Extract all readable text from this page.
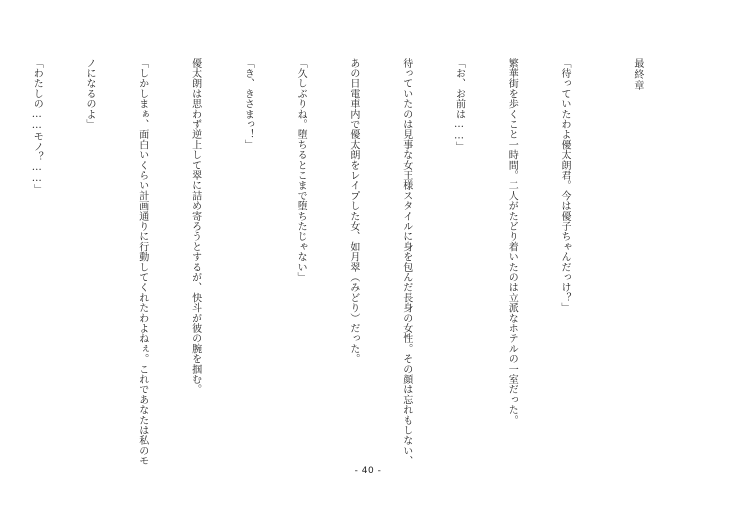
最終章

「待っていたわよ優太朗君。今は優子ちゃんだっけ？」

繁華街を歩くこと一時間。二人がたどり着いたのは立派なホテルの一室だった。

「お、お前は……」

待っていたのは見事な女王様スタイルに身を包んだ長身の女性。その顔は忘れもしない、

あの日電車内で優太朗をレイプした女、如月翠（みどり）だった。

「久しぶりね。堕ちるとこまで堕ちたじゃない」

「き、きさまっ！」

優太朗は思わず逆上して翠に詰め寄ろうとするが、快斗が彼の腕を掴む。

「しかしまぁ、面白いくらい計画通りに行動してくれたわよねぇ。これであなたは私のモ

ノになるのよ」

「わたしの……モノ？……」

- 40 -
